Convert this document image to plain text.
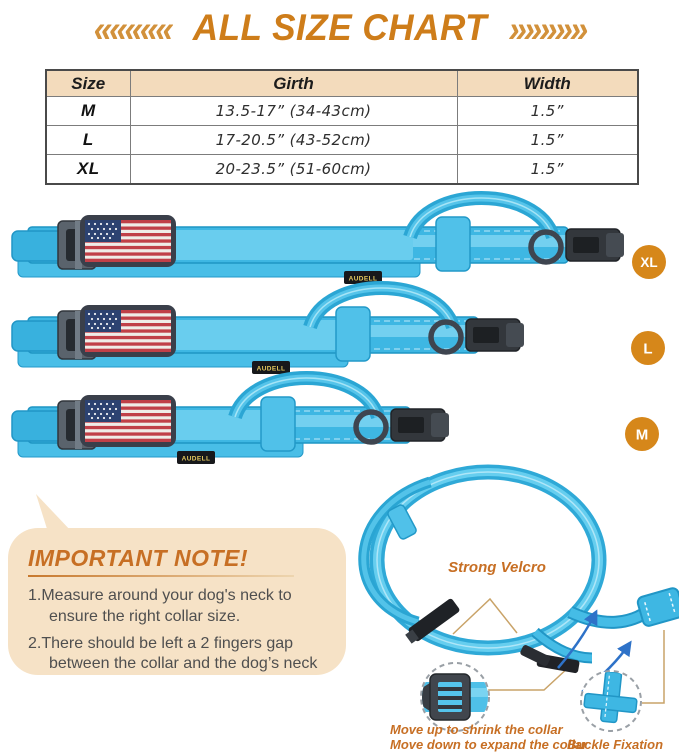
««««« ALL SIZE CHART »»»»»
Size	Girth	Width
M	13.5-17” (34-43cm)	1.5”
L	17-20.5” (43-52cm)	1.5”
XL	20-23.5” (51-60cm)	1.5”
AUDELL
XL
AUDELL
L
AUDELL
M

IMPORTANT NOTE!

1.Measure around your dog's neck to ensure the right collar size.

2.There should be left a 2 fingers gap between the collar and the dog’s neck

Strong Velcro
Move up to shrink the collar
Move down to expand the collar
Buckle Fixation
